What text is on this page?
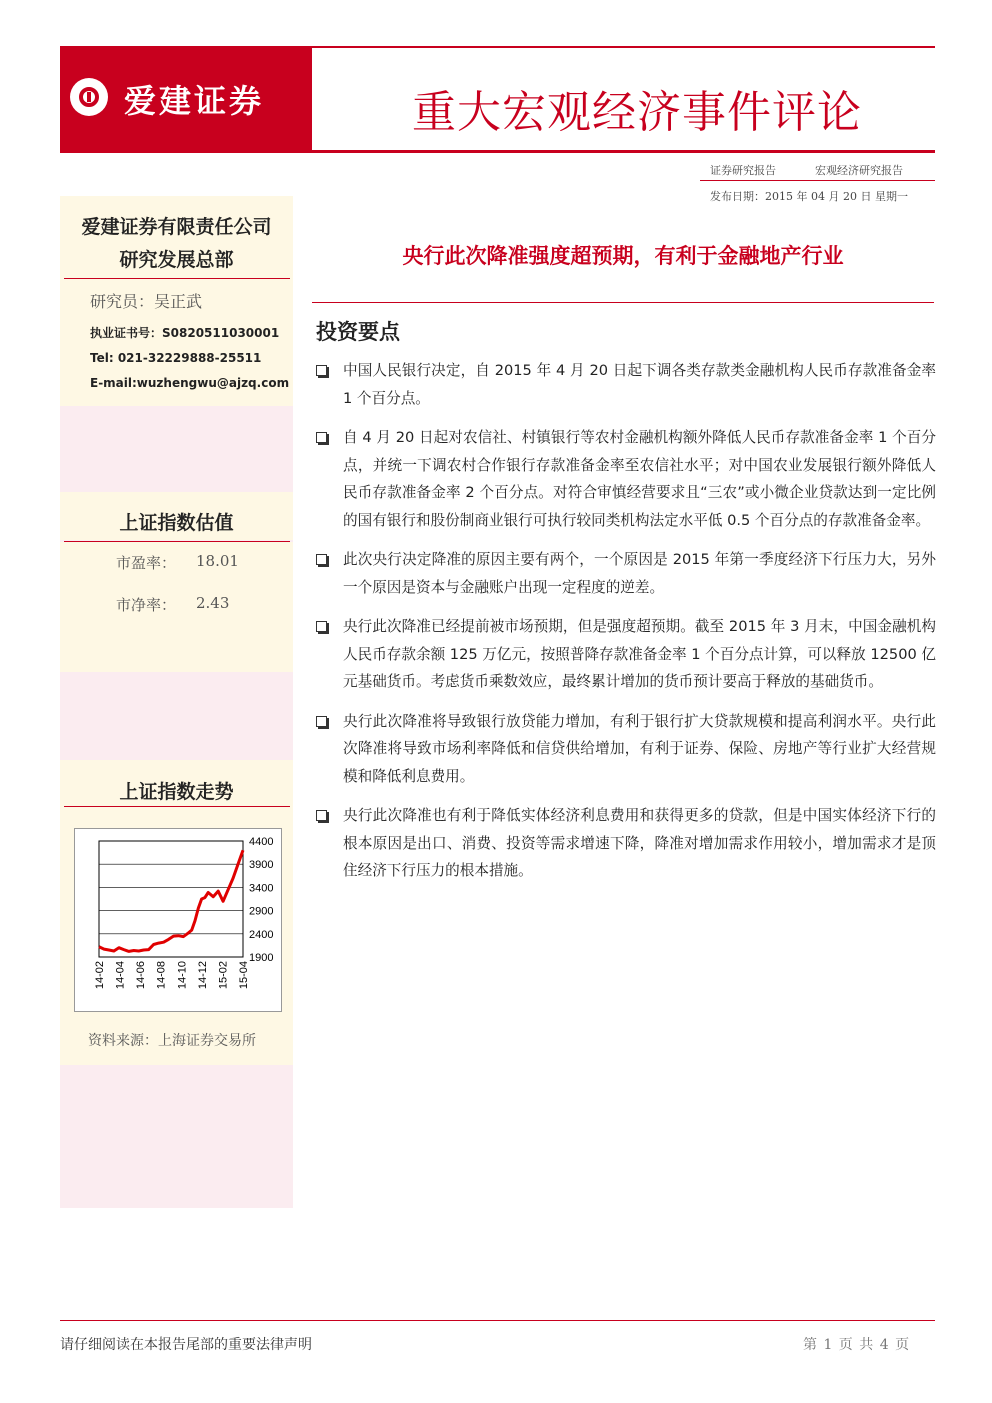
爱建证券	重大宏观经济事件评论
证券研究报告	宏观经济研究报告
发布日期：2015 年 04 月 20 日 星期一
爱建证券有限责任公司
研究发展总部
研究员：吴正武
执业证书号：S0820511030001
Tel: 021-32229888-25511
E-mail:wuzhengwu@ajzq.com
上证指数估值
市盈率： 18.01
市净率： 2.43
上证指数走势
1900
2400
2900
3400
3900
4400
14-02 14-04 14-06 14-08 14-10 14-12 15-02 15-04
资料来源：上海证券交易所
央行此次降准强度超预期，有利于金融地产行业
投资要点
中国人民银行决定，自 2015 年 4 月 20 日起下调各类存款类金融机构人民币存款准备金率 1 个百分点。
自 4 月 20 日起对农信社、村镇银行等农村金融机构额外降低人民币存款准备金率 1 个百分点，并统一下调农村合作银行存款准备金率至农信社水平；对中国农业发展银行额外降低人民币存款准备金率 2 个百分点。对符合审慎经营要求且“三农”或小微企业贷款达到一定比例的国有银行和股份制商业银行可执行较同类机构法定水平低 0.5 个百分点的存款准备金率。
此次央行决定降准的原因主要有两个，一个原因是 2015 年第一季度经济下行压力大，另外一个原因是资本与金融账户出现一定程度的逆差。
央行此次降准已经提前被市场预期，但是强度超预期。截至 2015 年 3 月末，中国金融机构人民币存款余额 125 万亿元，按照普降存款准备金率 1 个百分点计算，可以释放 12500 亿元基础货币。考虑货币乘数效应，最终累计增加的货币预计要高于释放的基础货币。
央行此次降准将导致银行放贷能力增加，有利于银行扩大贷款规模和提高利润水平。央行此次降准将导致市场利率降低和信贷供给增加，有利于证券、保险、房地产等行业扩大经营规模和降低利息费用。
央行此次降准也有利于降低实体经济利息费用和获得更多的贷款，但是中国实体经济下行的根本原因是出口、消费、投资等需求增速下降，降准对增加需求作用较小，增加需求才是顶住经济下行压力的根本措施。
请仔细阅读在本报告尾部的重要法律声明	第 1 页 共 4 页
